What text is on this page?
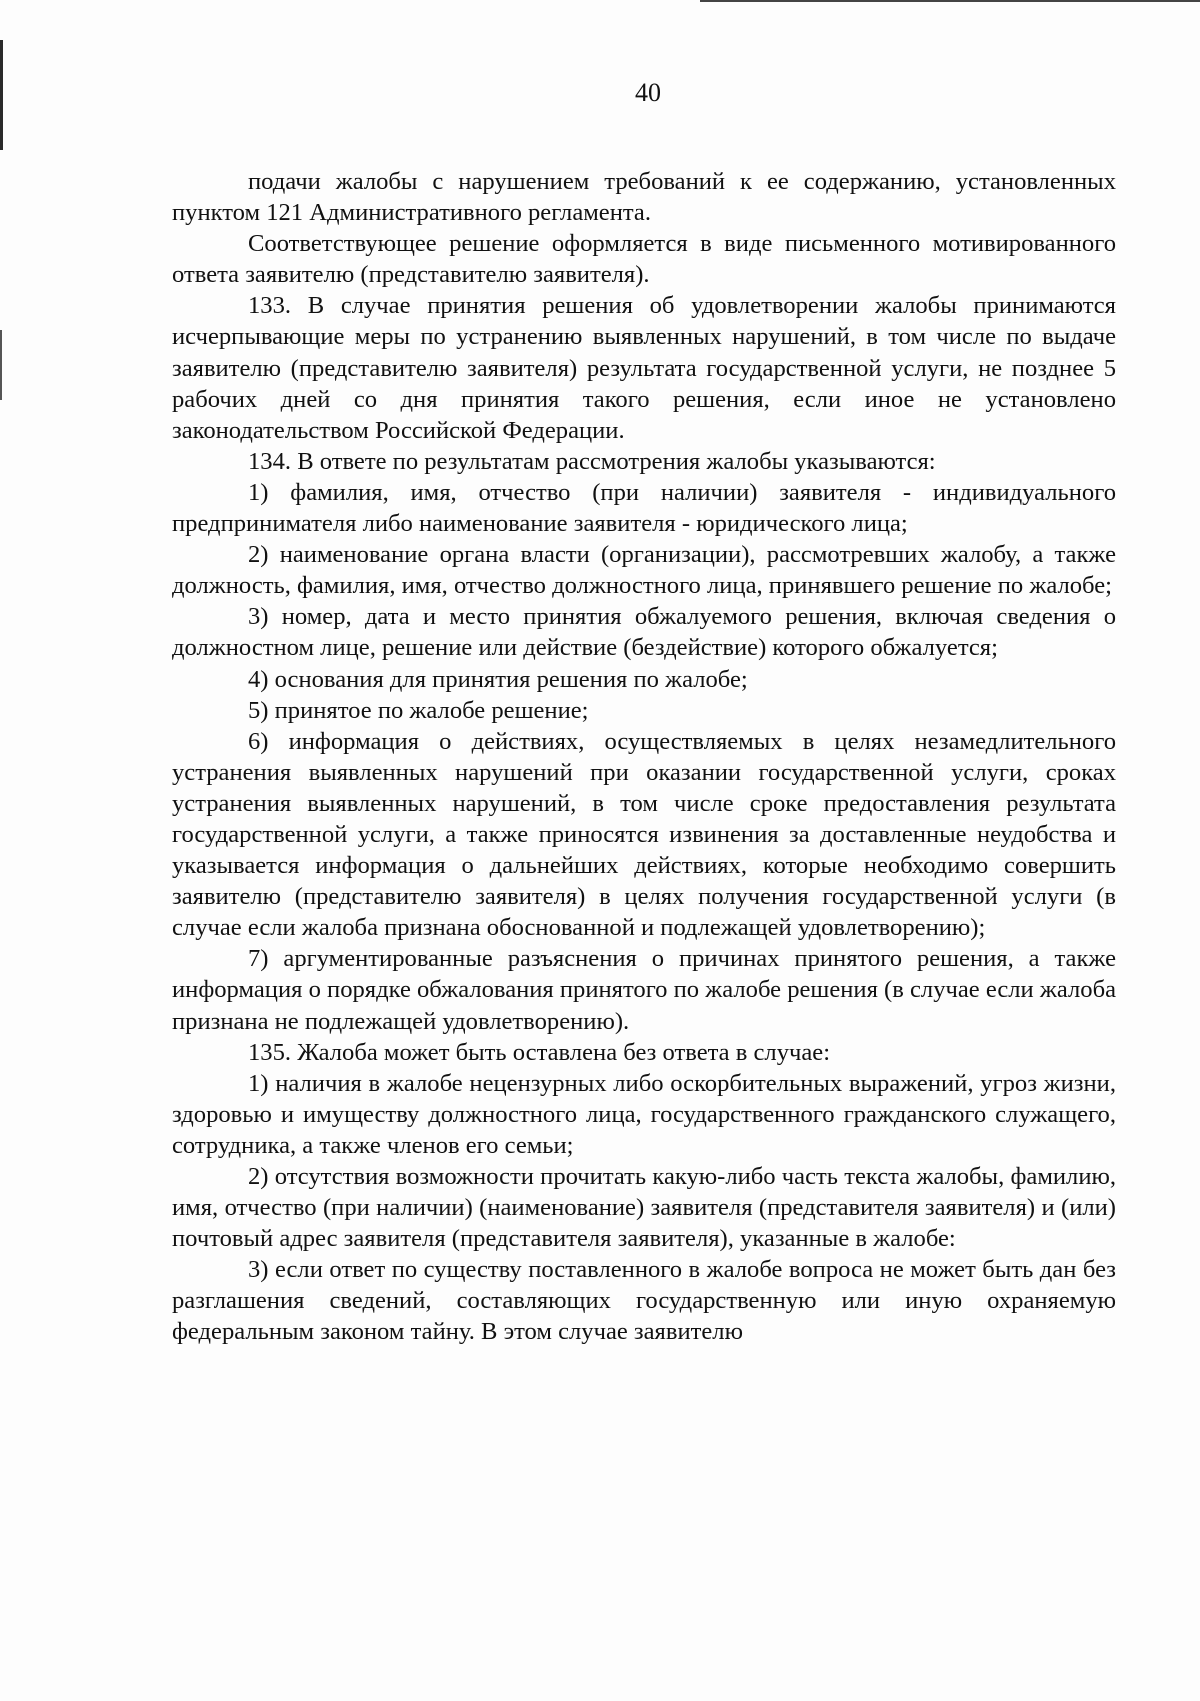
40

подачи жалобы с нарушением требований к ее содержанию, установленных пунктом 121 Административного регламента.

Соответствующее решение оформляется в виде письменного мотивированного ответа заявителю (представителю заявителя).

133. В случае принятия решения об удовлетворении жалобы принимаются исчерпывающие меры по устранению выявленных нарушений, в том числе по выдаче заявителю (представителю заявителя) результата государственной услуги, не позднее 5 рабочих дней со дня принятия такого решения, если иное не установлено законодательством Российской Федерации.

134. В ответе по результатам рассмотрения жалобы указываются:

1) фамилия, имя, отчество (при наличии) заявителя - индивидуального предпринимателя либо наименование заявителя - юридического лица;

2) наименование органа власти (организации), рассмотревших жалобу, а также должность, фамилия, имя, отчество должностного лица, принявшего решение по жалобе;

3) номер, дата и место принятия обжалуемого решения, включая сведения о должностном лице, решение или действие (бездействие) которого обжалуется;

4) основания для принятия решения по жалобе;

5) принятое по жалобе решение;

6) информация о действиях, осуществляемых в целях незамедлительного устранения выявленных нарушений при оказании государственной услуги, сроках устранения выявленных нарушений, в том числе сроке предоставления результата государственной услуги, а также приносятся извинения за доставленные неудобства и указывается информация о дальнейших действиях, которые необходимо совершить заявителю (представителю заявителя) в целях получения государственной услуги (в случае если жалоба признана обоснованной и подлежащей удовлетворению);

7) аргументированные разъяснения о причинах принятого решения, а также информация о порядке обжалования принятого по жалобе решения (в случае если жалоба признана не подлежащей удовлетворению).

135. Жалоба может быть оставлена без ответа в случае:

1) наличия в жалобе нецензурных либо оскорбительных выражений, угроз жизни, здоровью и имуществу должностного лица, государственного гражданского служащего, сотрудника, а также членов его семьи;

2) отсутствия возможности прочитать какую-либо часть текста жалобы, фамилию, имя, отчество (при наличии) (наименование) заявителя (представителя заявителя) и (или) почтовый адрес заявителя (представителя заявителя), указанные в жалобе:

3) если ответ по существу поставленного в жалобе вопроса не может быть дан без разглашения сведений, составляющих государственную или иную охраняемую федеральным законом тайну. В этом случае заявителю
